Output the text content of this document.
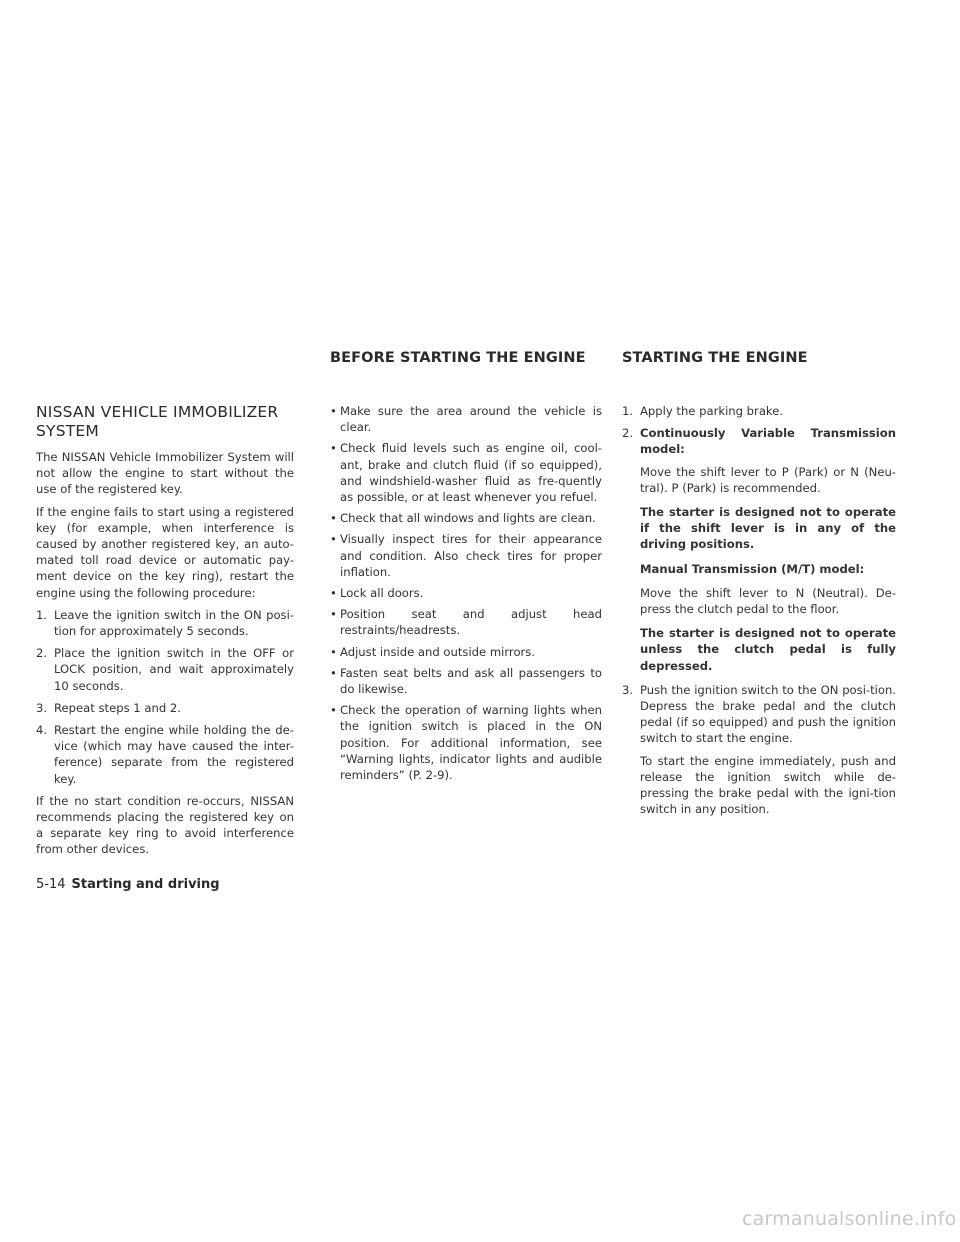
BEFORE STARTING THE ENGINE	STARTING THE ENGINE
NISSAN VEHICLE IMMOBILIZER SYSTEM

The NISSAN Vehicle Immobilizer System will not allow the engine to start without the use of the registered key.

If the engine fails to start using a registered key (for example, when interference is caused by another registered key, an auto-mated toll road device or automatic pay-ment device on the key ring), restart the engine using the following procedure:

1. Leave the ignition switch in the ON posi-tion for approximately 5 seconds.
2. Place the ignition switch in the OFF or LOCK position, and wait approximately 10 seconds.
3. Repeat steps 1 and 2.
4. Restart the engine while holding the de-vice (which may have caused the inter-ference) separate from the registered key.

If the no start condition re-occurs, NISSAN recommends placing the registered key on a separate key ring to avoid interference from other devices.

• Make sure the area around the vehicle is clear.
• Check fluid levels such as engine oil, cool-ant, brake and clutch fluid (if so equipped), and windshield-washer fluid as fre-quently as possible, or at least whenever you refuel.
• Check that all windows and lights are clean.
• Visually inspect tires for their appearance and condition. Also check tires for proper inflation.
• Lock all doors.
• Position seat and adjust head restraints/headrests.
• Adjust inside and outside mirrors.
• Fasten seat belts and ask all passengers to do likewise.
• Check the operation of warning lights when the ignition switch is placed in the ON position. For additional information, see “Warning lights, indicator lights and audible reminders” (P. 2-9).
1. Apply the parking brake.
2. Continuously Variable Transmission model:
Move the shift lever to P (Park) or N (Neu-tral). P (Park) is recommended.
The starter is designed not to operate if the shift lever is in any of the driving positions.
Manual Transmission (M/T) model:
Move the shift lever to N (Neutral). De-press the clutch pedal to the floor.
The starter is designed not to operate unless the clutch pedal is fully depressed.
3. Push the ignition switch to the ON posi-tion. Depress the brake pedal and the clutch pedal (if so equipped) and push the ignition switch to start the engine.
To start the engine immediately, push and release the ignition switch while de-pressing the brake pedal with the igni-tion switch in any position.
5-14 Starting and driving
carmanualsonline.info
